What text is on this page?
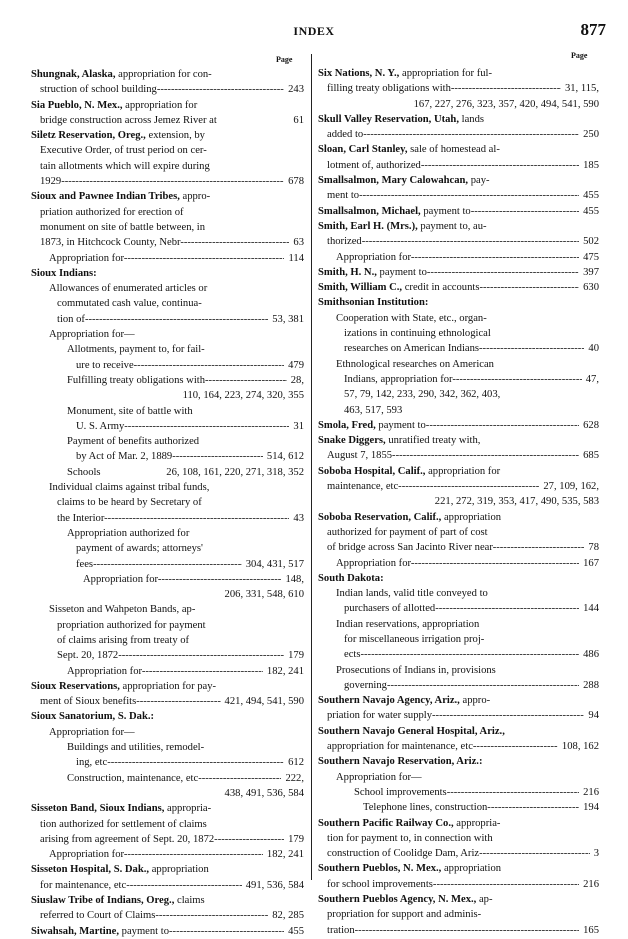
INDEX	877
Page	Page
Shungnak, Alaska, appropriation for con-
struction of school building -----	243
Sia Pueblo, N. Mex., appropriation for
bridge construction across Jemez River at	61
Siletz Reservation, Oreg., extension, by
Executive Order, of trust period on cer-
tain allotments which will expire during
1929 -----	678
Sioux and Pawnee Indian Tribes, appro-
priation authorized for erection of
monument on site of battle between, in
1873, in Hitchcock County, Nebr -----	63
Appropriation for -----	114
Sioux Indians:
Allowances of enumerated articles or
commutated cash value, continua-
tion of -----	53, 381
Appropriation for—
Allotments, payment to, for fail-
ure to receive -----	479
Fulfilling treaty obligations with -----	28,
110, 164, 223, 274, 320, 355
Monument, site of battle with
U. S. Army -----	31
Payment of benefits authorized
by Act of Mar. 2, 1889 -----	514, 612
Schools	26, 108, 161, 220, 271, 318, 352
Individual claims against tribal funds,
claims to be heard by Secretary of
the Interior -----	43
Appropriation authorized for
payment of awards; attorneys'
fees -----	304, 431, 517
Appropriation for -----	148,
206, 331, 548, 610
Sisseton and Wahpeton Bands, ap-
propriation authorized for payment
of claims arising from treaty of
Sept. 20, 1872 -----	179
Appropriation for -----	182, 241
Sioux Reservations, appropriation for pay-
ment of Sioux benefits -----	421, 494, 541, 590
Sioux Sanatorium, S. Dak.:
Appropriation for—
Buildings and utilities, remodel-
ing, etc -----	612
Construction, maintenance, etc -----	222,
438, 491, 536, 584
Sisseton Band, Sioux Indians, appropria-
tion authorized for settlement of claims
arising from agreement of Sept. 20, 1872 -----	179
Appropriation for -----	182, 241
Sisseton Hospital, S. Dak., appropriation
for maintenance, etc -----	491, 536, 584
Siuslaw Tribe of Indians, Oreg., claims
referred to Court of Claims -----	82, 285
Siwahsah, Martine, payment to -----	455
Six Nations, N. Y., appropriation for ful-
filling treaty obligations with -----	31, 115,
167, 227, 276, 323, 357, 420, 494, 541, 590
Skull Valley Reservation, Utah, lands
added to -----	250
Sloan, Carl Stanley, sale of homestead al-
lotment of, authorized -----	185
Smallsalmon, Mary Calowahcan, pay-
ment to -----	455
Smallsalmon, Michael, payment to -----	455
Smith, Earl H. (Mrs.), payment to, au-
thorized -----	502
Appropriation for -----	475
Smith, H. N., payment to -----	397
Smith, William C., credit in accounts -----	630
Smithsonian Institution:
Cooperation with State, etc., organ-
izations in continuing ethnological
researches on American Indians -----	40
Ethnological researches on American
Indians, appropriation for -----	47,
57, 79, 142, 233, 290, 342, 362, 403,
463, 517, 593
Smola, Fred, payment to -----	628
Snake Diggers, unratified treaty with,
August 7, 1855 -----	685
Soboba Hospital, Calif., appropriation for
maintenance, etc -----	27, 109, 162,
221, 272, 319, 353, 417, 490, 535, 583
Soboba Reservation, Calif., appropriation
authorized for payment of part of cost
of bridge across San Jacinto River near -----	78
Appropriation for -----	167
South Dakota:
Indian lands, valid title conveyed to
purchasers of allotted -----	144
Indian reservations, appropriation
for miscellaneous irrigation proj-
ects -----	486
Prosecutions of Indians in, provisions
governing -----	288
Southern Navajo Agency, Ariz., appro-
priation for water supply -----	94
Southern Navajo General Hospital, Ariz.,
appropriation for maintenance, etc -----	108, 162
Southern Navajo Reservation, Ariz.:
Appropriation for—
School improvements -----	216
Telephone lines, construction -----	194
Southern Pacific Railway Co., appropria-
tion for payment to, in connection with
construction of Coolidge Dam, Ariz -----	3
Southern Pueblos, N. Mex., appropriation
for school improvements -----	216
Southern Pueblos Agency, N. Mex., ap-
propriation for support and adminis-
tration -----	165
